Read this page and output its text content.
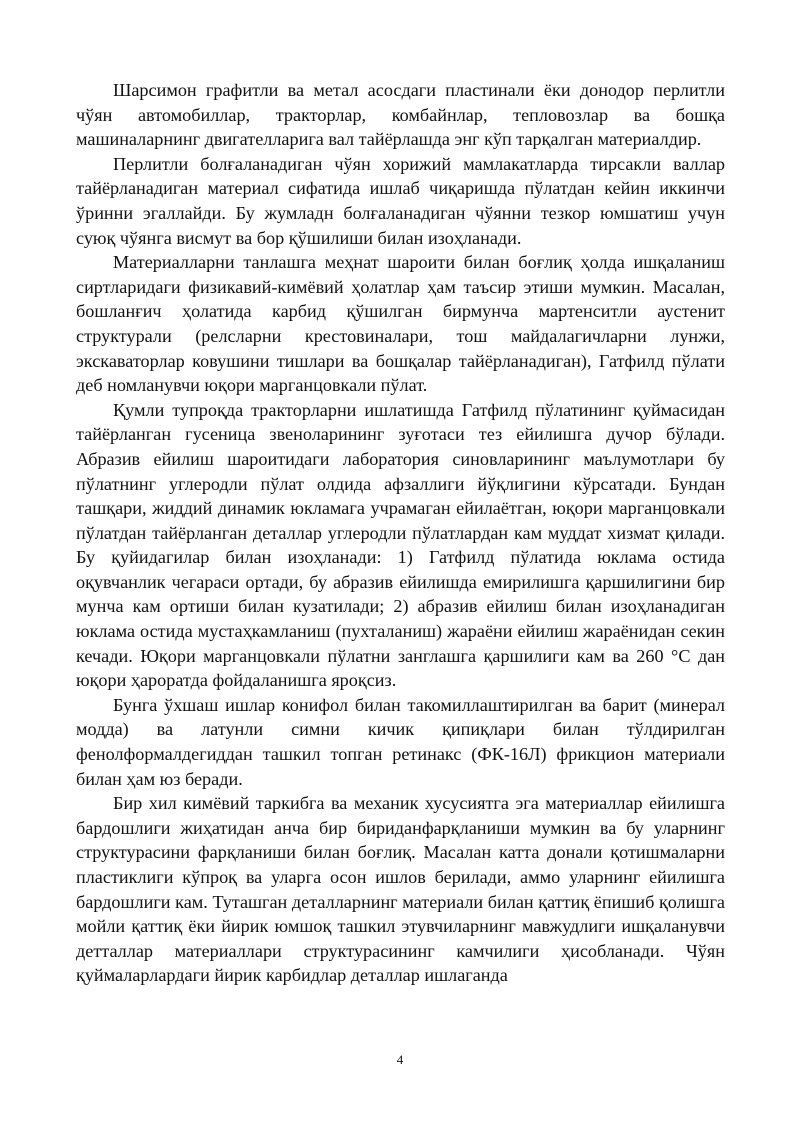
Шарсимон графитли ва метал асосдаги пластинали ёки донодор перлитли чўян автомобиллар, тракторлар, комбайнлар, тепловозлар ва бошқа машиналарнинг двигателларига вал тайёрлашда энг кўп тарқалган материалдир.

Перлитли болғаланадиган чўян хорижий мамлакатларда тирсакли валлар тайёрланадиган материал сифатида ишлаб чиқаришда пўлатдан кейин иккинчи ўринни эгаллайди. Бу жумладн болғаланадиган чўянни тезкор юмшатиш учун суюқ чўянга висмут ва бор қўшилиши билан изоҳланади.

Материалларни танлашга меҳнат шароити билан боғлиқ ҳолда ишқаланиш сиртларидаги физикавий-кимёвий ҳолатлар ҳам таъсир этиши мумкин. Масалан, бошланғич ҳолатида карбид қўшилган бирмунча мартенситли аустенит структурали (релсларни крестовиналари, тош майдалагичларни лунжи, экскаваторлар ковушини тишлари ва бошқалар тайёрланадиган), Гатфилд пўлати деб номланувчи юқори марганцовкали пўлат.

Қумли тупроқда тракторларни ишлатишда Гатфилд пўлатининг қуймасидан тайёрланган гусеница звеноларининг зуғотаси тез ейилишга дучор бўлади. Абразив ейилиш шароитидаги лаборатория синовларининг маълумотлари бу пўлатнинг углеродли пўлат олдида афзаллиги йўқлигини кўрсатади. Бундан ташқари, жиддий динамик юкламага учрамаган ейилаётган, юқори марганцовкали пўлатдан тайёрланган деталлар углеродли пўлатлардан кам муддат хизмат қилади. Бу қуйидагилар билан изоҳланади: 1) Гатфилд пўлатида юклама остида оқувчанлик чегараси ортади, бу абразив ейилишда емирилишга қаршилигини бир мунча кам ортиши билан кузатилади; 2) абразив ейилиш билан изоҳланадиган юклама остида мустаҳкамланиш (пухталаниш) жараёни ейилиш жараёнидан секин кечади. Юқори марганцовкали пўлатни занглашга қаршилиги кам ва 260 °С дан юқори ҳароратда фойдаланишга яроқсиз.

Бунга ўхшаш ишлар конифол билан такомиллаштирилган ва барит (минерал модда) ва латунли симни кичик қипиқлари билан тўлдирилган фенолформалдегиддан ташкил топган ретинакс (ФК-16Л) фрикцион материали билан ҳам юз беради.

Бир хил кимёвий таркибга ва механик хусусиятга эга материаллар ейилишга бардошлиги жиҳатидан анча бир бириданфарқланиши мумкин ва бу уларнинг структурасини фарқланиши билан боғлиқ. Масалан катта донали қотишмаларни пластиклиги кўпроқ ва уларга осон ишлов берилади, аммо уларнинг ейилишга бардошлиги кам. Туташган деталларнинг материали билан қаттиқ ёпишиб қолишга мойли қаттиқ ёки йирик юмшоқ ташкил этувчиларнинг мавжудлиги ишқаланувчи детталлар материаллари структурасининг камчилиги ҳисобланади. Чўян қуймаларлардаги йирик карбидлар деталлар ишлаганда

4
